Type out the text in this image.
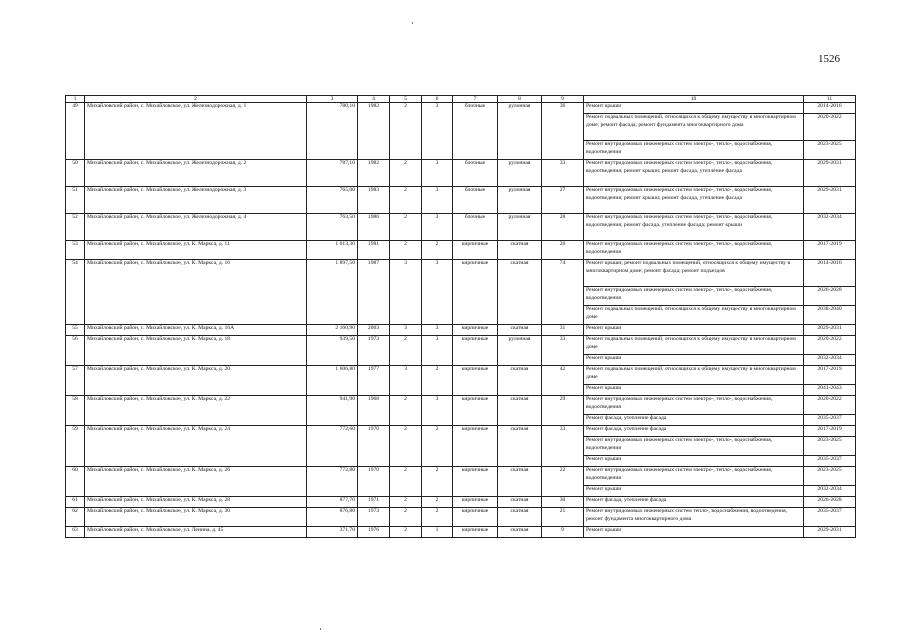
1526
1	2	3	4	5	6	7	8	9	10	11
49	Михайловский район, с. Михайловское, ул. Железнодорожная, д. 1	780,10	1982	2	3	блочные	рулонная	36	Ремонт крыши	2014-2016
									Ремонт подвальных помещений, относящихся к общему имуществу в многоквартирном доме; ремонт фасада; ремонт фундамента многоквартирного дома	2020-2022
									Ремонт внутридомовых инженерных систем электро-, тепло-, водоснабжения, водоотведения	2023-2025
50	Михайловский район, с. Михайловское, ул. Железнодорожная, д. 2	787,10	1982	2	3	блочные	рулонная	33	Ремонт внутридомовых инженерных систем электро-, тепло-, водоснабжения, водоотведения; ремонт крыши; ремонт фасада, утепление фасада	2029-2031
51	Михайловский район, с. Михайловское, ул. Железнодорожная, д. 3	765,00	1983	2	3	блочные	рулонная	27	Ремонт внутридомовых инженерных систем электро-, тепло-, водоснабжения, водоотведения; ремонт крыши; ремонт фасада, утепление фасада	2029-2031
52	Михайловский район, с. Михайловское, ул. Железнодорожная, д. 4	763,50	1986	2	3	блочные	рулонная	28	Ремонт внутридомовых инженерных систем электро-, тепло-, водоснабжения, водоотведения; ремонт фасада, утепление фасада; ремонт крыши	2032-2034
53	Михайловский район, с. Михайловское, ул. К. Маркса, д. 11	1 013,30	1981	2	2	кирпичные	скатная	26	Ремонт внутридомовых инженерных систем электро-, тепло-, водоснабжения, водоотведения	2017-2019
54	Михайловский район, с. Михайловское, ул. К. Маркса, д. 16	1 897,50	1987	3	3	кирпичные	скатная	74	Ремонт крыши; ремонт подвальных помещений, относящихся к общему имуществу в многоквартирном доме; ремонт фасада; ремонт подъездов	2014-2016
									Ремонт внутридомовых инженерных систем электро-, тепло-, водоснабжения, водоотведения	2026-2028
									Ремонт подвальных помещений, относящихся к общему имуществу в многоквартирном доме	2038-2040
55	Михайловский район, с. Михайловское, ул. К. Маркса, д. 16А	2 160,90	2003	3	3	кирпичные	скатная	31	Ремонт крыши	2029-2031
56	Михайловский район, с. Михайловское, ул. К. Маркса, д. 18	939,50	1973	2	3	кирпичные	рулонная	33	Ремонт подвальных помещений, относящихся к общему имуществу в многоквартирном доме	2020-2022
									Ремонт крыши	2032-2034
57	Михайловский район, с. Михайловское, ул. К. Маркса, д. 20	1 606,80	1977	3	2	кирпичные	скатная	42	Ремонт подвальных помещений, относящихся к общему имуществу в многоквартирном доме	2017-2019
									Ремонт крыши	2041-2043
58	Михайловский район, с. Михайловское, ул. К. Маркса, д. 22	941,90	1968	2	3	кирпичные	скатная	29	Ремонт внутридомовых инженерных систем электро-, тепло-, водоснабжения, водоотведения	2020-2022
									Ремонт фасада, утепление фасада	2035-2037
59	Михайловский район, с. Михайловское, ул. К. Маркса, д. 24	772,60	1970	2	2	кирпичные	скатная	33	Ремонт фасада, утепление фасада	2017-2019
									Ремонт внутридомовых инженерных систем электро-, тепло-, водоснабжения, водоотведения	2023-2025
									Ремонт крыши	2035-2037
60	Михайловский район, с. Михайловское, ул. К. Маркса, д. 26	772,80	1970	2	2	кирпичные	скатная	22	Ремонт внутридомовых инженерных систем электро-, тепло-, водоснабжения, водоотведения	2023-2025
									Ремонт крыши	2032-2034
61	Михайловский район, с. Михайловское, ул. К. Маркса, д. 28	877,70	1971	2	2	кирпичные	скатная	30	Ремонт фасада, утепление фасада	2026-2028
62	Михайловский район, с. Михайловское, ул. К. Маркса, д. 30	876,80	1973	2	2	кирпичные	скатная	21	Ремонт внутридомовых инженерных систем тепло-, водоснабжения, водоотведения, ремонт фундамента многоквартирного дома	2035-2037
63	Михайловский район, с. Михайловское, ул. Ленина, д. 45	371,70	1976	2	1	кирпичные	скатная	9	Ремонт крыши	2029-2031
